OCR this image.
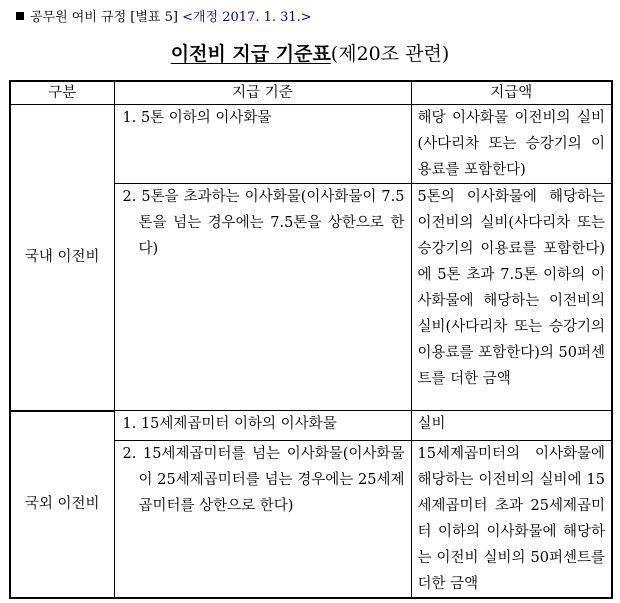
공무원 여비 규정 [별표 5] <개정 2017. 1. 31.>
이전비 지급 기준표(제20조 관련)
구분	지급 기준	지급액
국내 이전비	1. 5톤 이하의 이사화물	해당 이사화물 이전비의 실비(사다리차 또는 승강기의 이용료를 포함한다)

	2. 5톤을 초과하는 이사화물(이사화물이 7.5톤을 넘는 경우에는 7.5톤을 상한으로 한다)	5톤의 이사화물에 해당하는 이전비의 실비(사다리차 또는 승강기의 이용료를 포함한다)에 5톤 초과 7.5톤 이하의 이사화물에 해당하는 이전비의 실비(사다리차 또는 승강기의 이용료를 포함한다)의 50퍼센트를 더한 금액
국외 이전비	1. 15세제곱미터 이하의 이사화물	실비

	2. 15세제곱미터를 넘는 이사화물(이사화물이 25세제곱미터를 넘는 경우에는 25세제곱미터를 상한으로 한다)	15세제곱미터의 이사화물에 해당하는 이전비의 실비에 15세제곱미터 초과 25세제곱미터 이하의 이사화물에 해당하는 이전비 실비의 50퍼센트를 더한 금액
